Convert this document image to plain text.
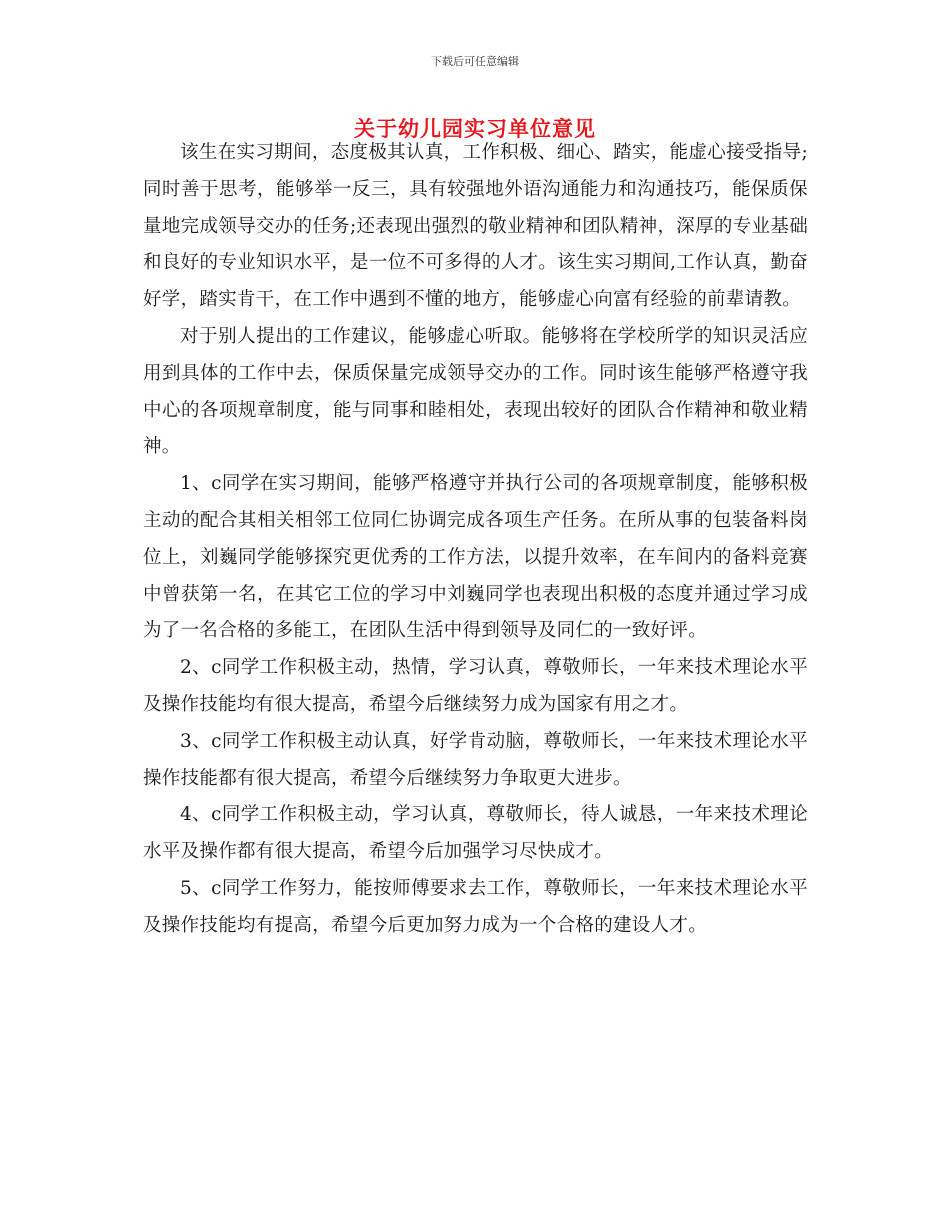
下载后可任意编辑
关于幼儿园实习单位意见

该生在实习期间，态度极其认真，工作积极、细心、踏实，能虚心接受指导;同时善于思考，能够举一反三，具有较强地外语沟通能力和沟通技巧，能保质保量地完成领导交办的任务;还表现出强烈的敬业精神和团队精神，深厚的专业基础和良好的专业知识水平，是一位不可多得的人才。该生实习期间,工作认真，勤奋好学，踏实肯干，在工作中遇到不懂的地方，能够虚心向富有经验的前辈请教。

对于别人提出的工作建议，能够虚心听取。能够将在学校所学的知识灵活应用到具体的工作中去，保质保量完成领导交办的工作。同时该生能够严格遵守我中心的各项规章制度，能与同事和睦相处，表现出较好的团队合作精神和敬业精神。

1、c同学在实习期间，能够严格遵守并执行公司的各项规章制度，能够积极主动的配合其相关相邻工位同仁协调完成各项生产任务。在所从事的包装备料岗位上，刘巍同学能够探究更优秀的工作方法，以提升效率，在车间内的备料竞赛中曾获第一名，在其它工位的学习中刘巍同学也表现出积极的态度并通过学习成为了一名合格的多能工，在团队生活中得到领导及同仁的一致好评。

2、c同学工作积极主动，热情，学习认真，尊敬师长，一年来技术理论水平及操作技能均有很大提高，希望今后继续努力成为国家有用之才。

3、c同学工作积极主动认真，好学肯动脑，尊敬师长，一年来技术理论水平操作技能都有很大提高，希望今后继续努力争取更大进步。

4、c同学工作积极主动，学习认真，尊敬师长，待人诚恳，一年来技术理论水平及操作都有很大提高，希望今后加强学习尽快成才。

5、c同学工作努力，能按师傅要求去工作，尊敬师长，一年来技术理论水平及操作技能均有提高，希望今后更加努力成为一个合格的建设人才。
